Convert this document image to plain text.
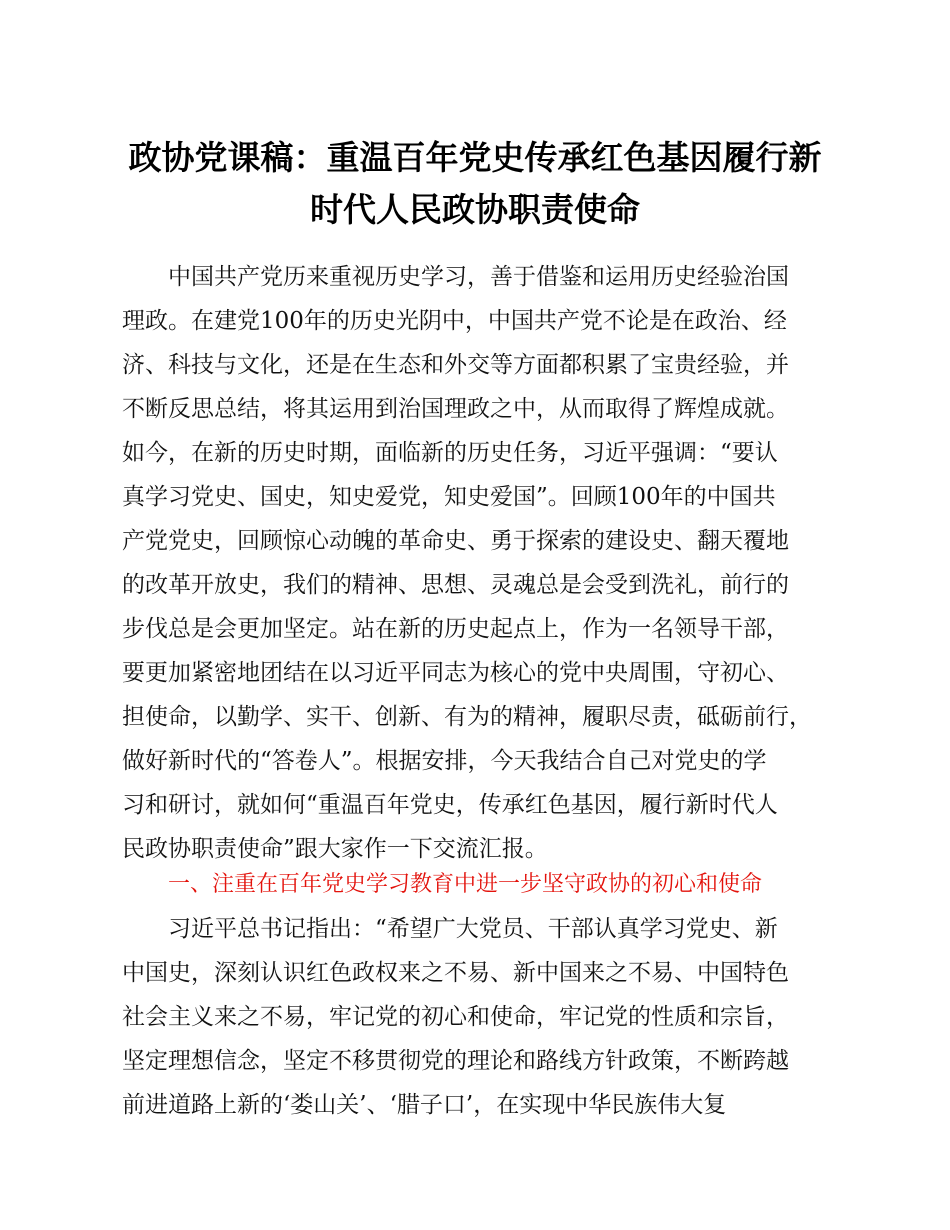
政协党课稿：重温百年党史传承红色基因履行新
时代人民政协职责使命
中国共产党历来重视历史学习，善于借鉴和运用历史经验治国
理政。在建党100年的历史光阴中，中国共产党不论是在政治、经
济、科技与文化，还是在生态和外交等方面都积累了宝贵经验，并
不断反思总结，将其运用到治国理政之中，从而取得了辉煌成就。
如今，在新的历史时期，面临新的历史任务，习近平强调：“要认
真学习党史、国史，知史爱党，知史爱国”。回顾100年的中国共
产党党史，回顾惊心动魄的革命史、勇于探索的建设史、翻天覆地
的改革开放史，我们的精神、思想、灵魂总是会受到洗礼，前行的
步伐总是会更加坚定。站在新的历史起点上，作为一名领导干部，
要更加紧密地团结在以习近平同志为核心的党中央周围，守初心、
担使命，以勤学、实干、创新、有为的精神，履职尽责，砥砺前行，
做好新时代的“答卷人”。根据安排，今天我结合自己对党史的学
习和研讨，就如何“重温百年党史，传承红色基因，履行新时代人
民政协职责使命”跟大家作一下交流汇报。
一、注重在百年党史学习教育中进一步坚守政协的初心和使命
习近平总书记指出：“希望广大党员、干部认真学习党史、新
中国史，深刻认识红色政权来之不易、新中国来之不易、中国特色
社会主义来之不易，牢记党的初心和使命，牢记党的性质和宗旨，
坚定理想信念，坚定不移贯彻党的理论和路线方针政策，不断跨越
前进道路上新的‘娄山关’、‘腊子口’，在实现中华民族伟大复
